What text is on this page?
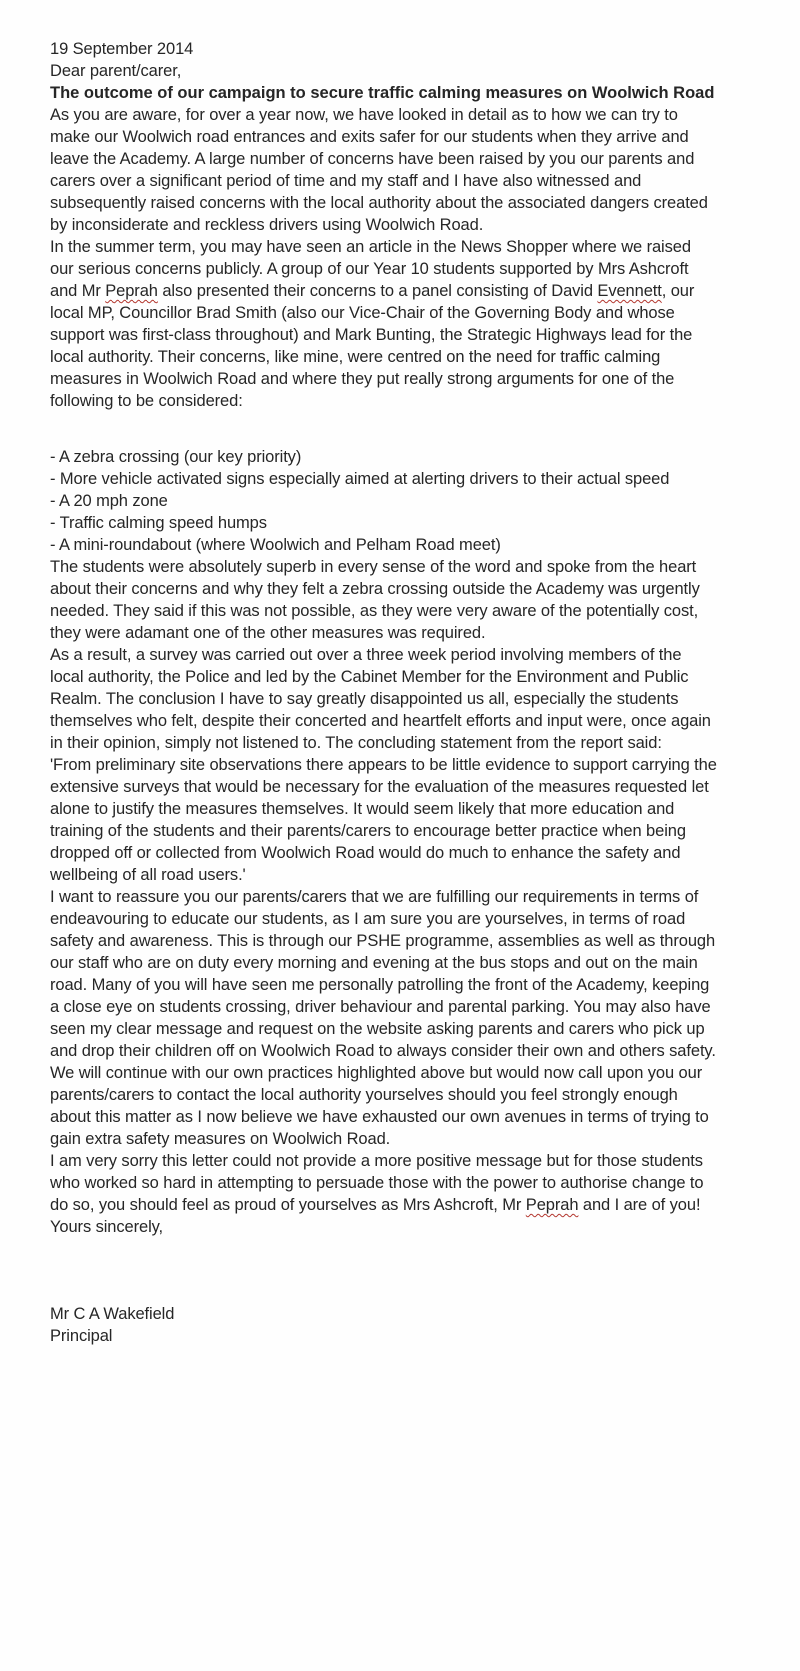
19 September 2014

Dear parent/carer,

The outcome of our campaign to secure traffic calming measures on Woolwich Road

As you are aware, for over a year now, we have looked in detail as to how we can try to
make our Woolwich road entrances and exits safer for our students when they arrive and
leave the Academy. A large number of concerns have been raised by you our parents and
carers over a significant period of time and my staff and I have also witnessed and
subsequently raised concerns with the local authority about the associated dangers created
by inconsiderate and reckless drivers using Woolwich Road.

In the summer term, you may have seen an article in the News Shopper where we raised
our serious concerns publicly. A group of our Year 10 students supported by Mrs Ashcroft
and Mr Peprah also presented their concerns to a panel consisting of David Evennett, our
local MP, Councillor Brad Smith (also our Vice-Chair of the Governing Body and whose
support was first-class throughout) and Mark Bunting, the Strategic Highways lead for the
local authority. Their concerns, like mine, were centred on the need for traffic calming
measures in Woolwich Road and where they put really strong arguments for one of the
following to be considered:

- A zebra crossing (our key priority)

- More vehicle activated signs especially aimed at alerting drivers to their actual speed

- A 20 mph zone

- Traffic calming speed humps

- A mini-roundabout (where Woolwich and Pelham Road meet)

The students were absolutely superb in every sense of the word and spoke from the heart
about their concerns and why they felt a zebra crossing outside the Academy was urgently
needed. They said if this was not possible, as they were very aware of the potentially cost,
they were adamant one of the other measures was required.

As a result, a survey was carried out over a three week period involving members of the
local authority, the Police and led by the Cabinet Member for the Environment and Public
Realm. The conclusion I have to say greatly disappointed us all, especially the students
themselves who felt, despite their concerted and heartfelt efforts and input were, once again
in their opinion, simply not listened to. The concluding statement from the report said:

'From preliminary site observations there appears to be little evidence to support carrying the
extensive surveys that would be necessary for the evaluation of the measures requested let
alone to justify the measures themselves. It would seem likely that more education and
training of the students and their parents/carers to encourage better practice when being
dropped off or collected from Woolwich Road would do much to enhance the safety and
wellbeing of all road users.'

I want to reassure you our parents/carers that we are fulfilling our requirements in terms of
endeavouring to educate our students, as I am sure you are yourselves, in terms of road
safety and awareness. This is through our PSHE programme, assemblies as well as through
our staff who are on duty every morning and evening at the bus stops and out on the main
road. Many of you will have seen me personally patrolling the front of the Academy, keeping
a close eye on students crossing, driver behaviour and parental parking. You may also have
seen my clear message and request on the website asking parents and carers who pick up
and drop their children off on Woolwich Road to always consider their own and others safety.
We will continue with our own practices highlighted above but would now call upon you our
parents/carers to contact the local authority yourselves should you feel strongly enough
about this matter as I now believe we have exhausted our own avenues in terms of trying to
gain extra safety measures on Woolwich Road.

I am very sorry this letter could not provide a more positive message but for those students
who worked so hard in attempting to persuade those with the power to authorise change to
do so, you should feel as proud of yourselves as Mrs Ashcroft, Mr Peprah and I are of you!

Yours sincerely,

Mr C A Wakefield

Principal
